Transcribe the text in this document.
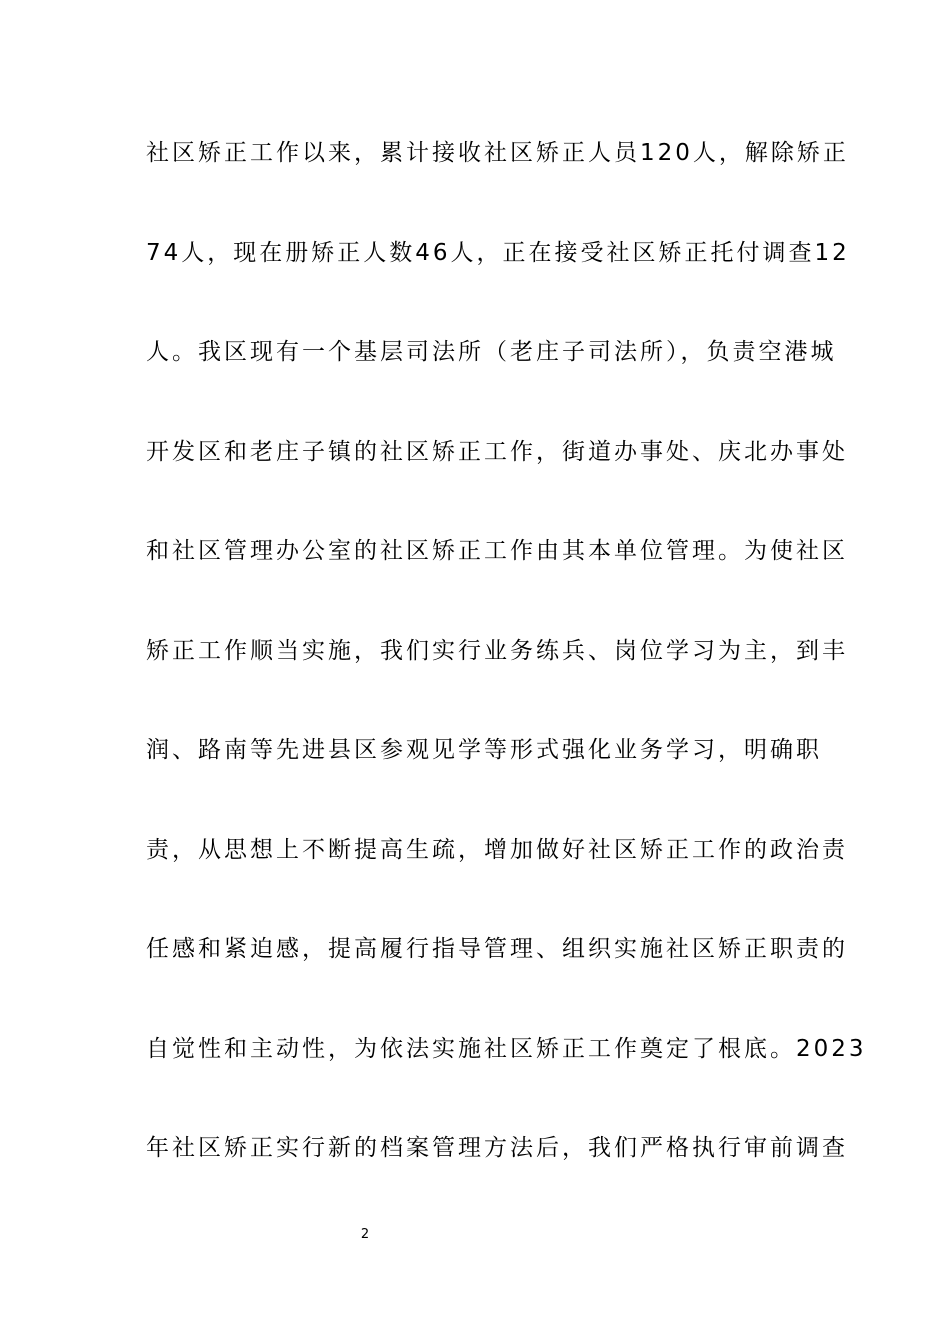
社区矫正工作以来，累计接收社区矫正人员120人，解除矫正
74人，现在册矫正人数46人，正在接受社区矫正托付调查12
人。我区现有一个基层司法所（老庄子司法所），负责空港城
开发区和老庄子镇的社区矫正工作，街道办事处、庆北办事处
和社区管理办公室的社区矫正工作由其本单位管理。为使社区
矫正工作顺当实施，我们实行业务练兵、岗位学习为主，到丰
润、路南等先进县区参观见学等形式强化业务学习，明确职
责，从思想上不断提高生疏，增加做好社区矫正工作的政治责
任感和紧迫感，提高履行指导管理、组织实施社区矫正职责的
自觉性和主动性，为依法实施社区矫正工作奠定了根底。2023
年社区矫正实行新的档案管理方法后，我们严格执行审前调查
2
